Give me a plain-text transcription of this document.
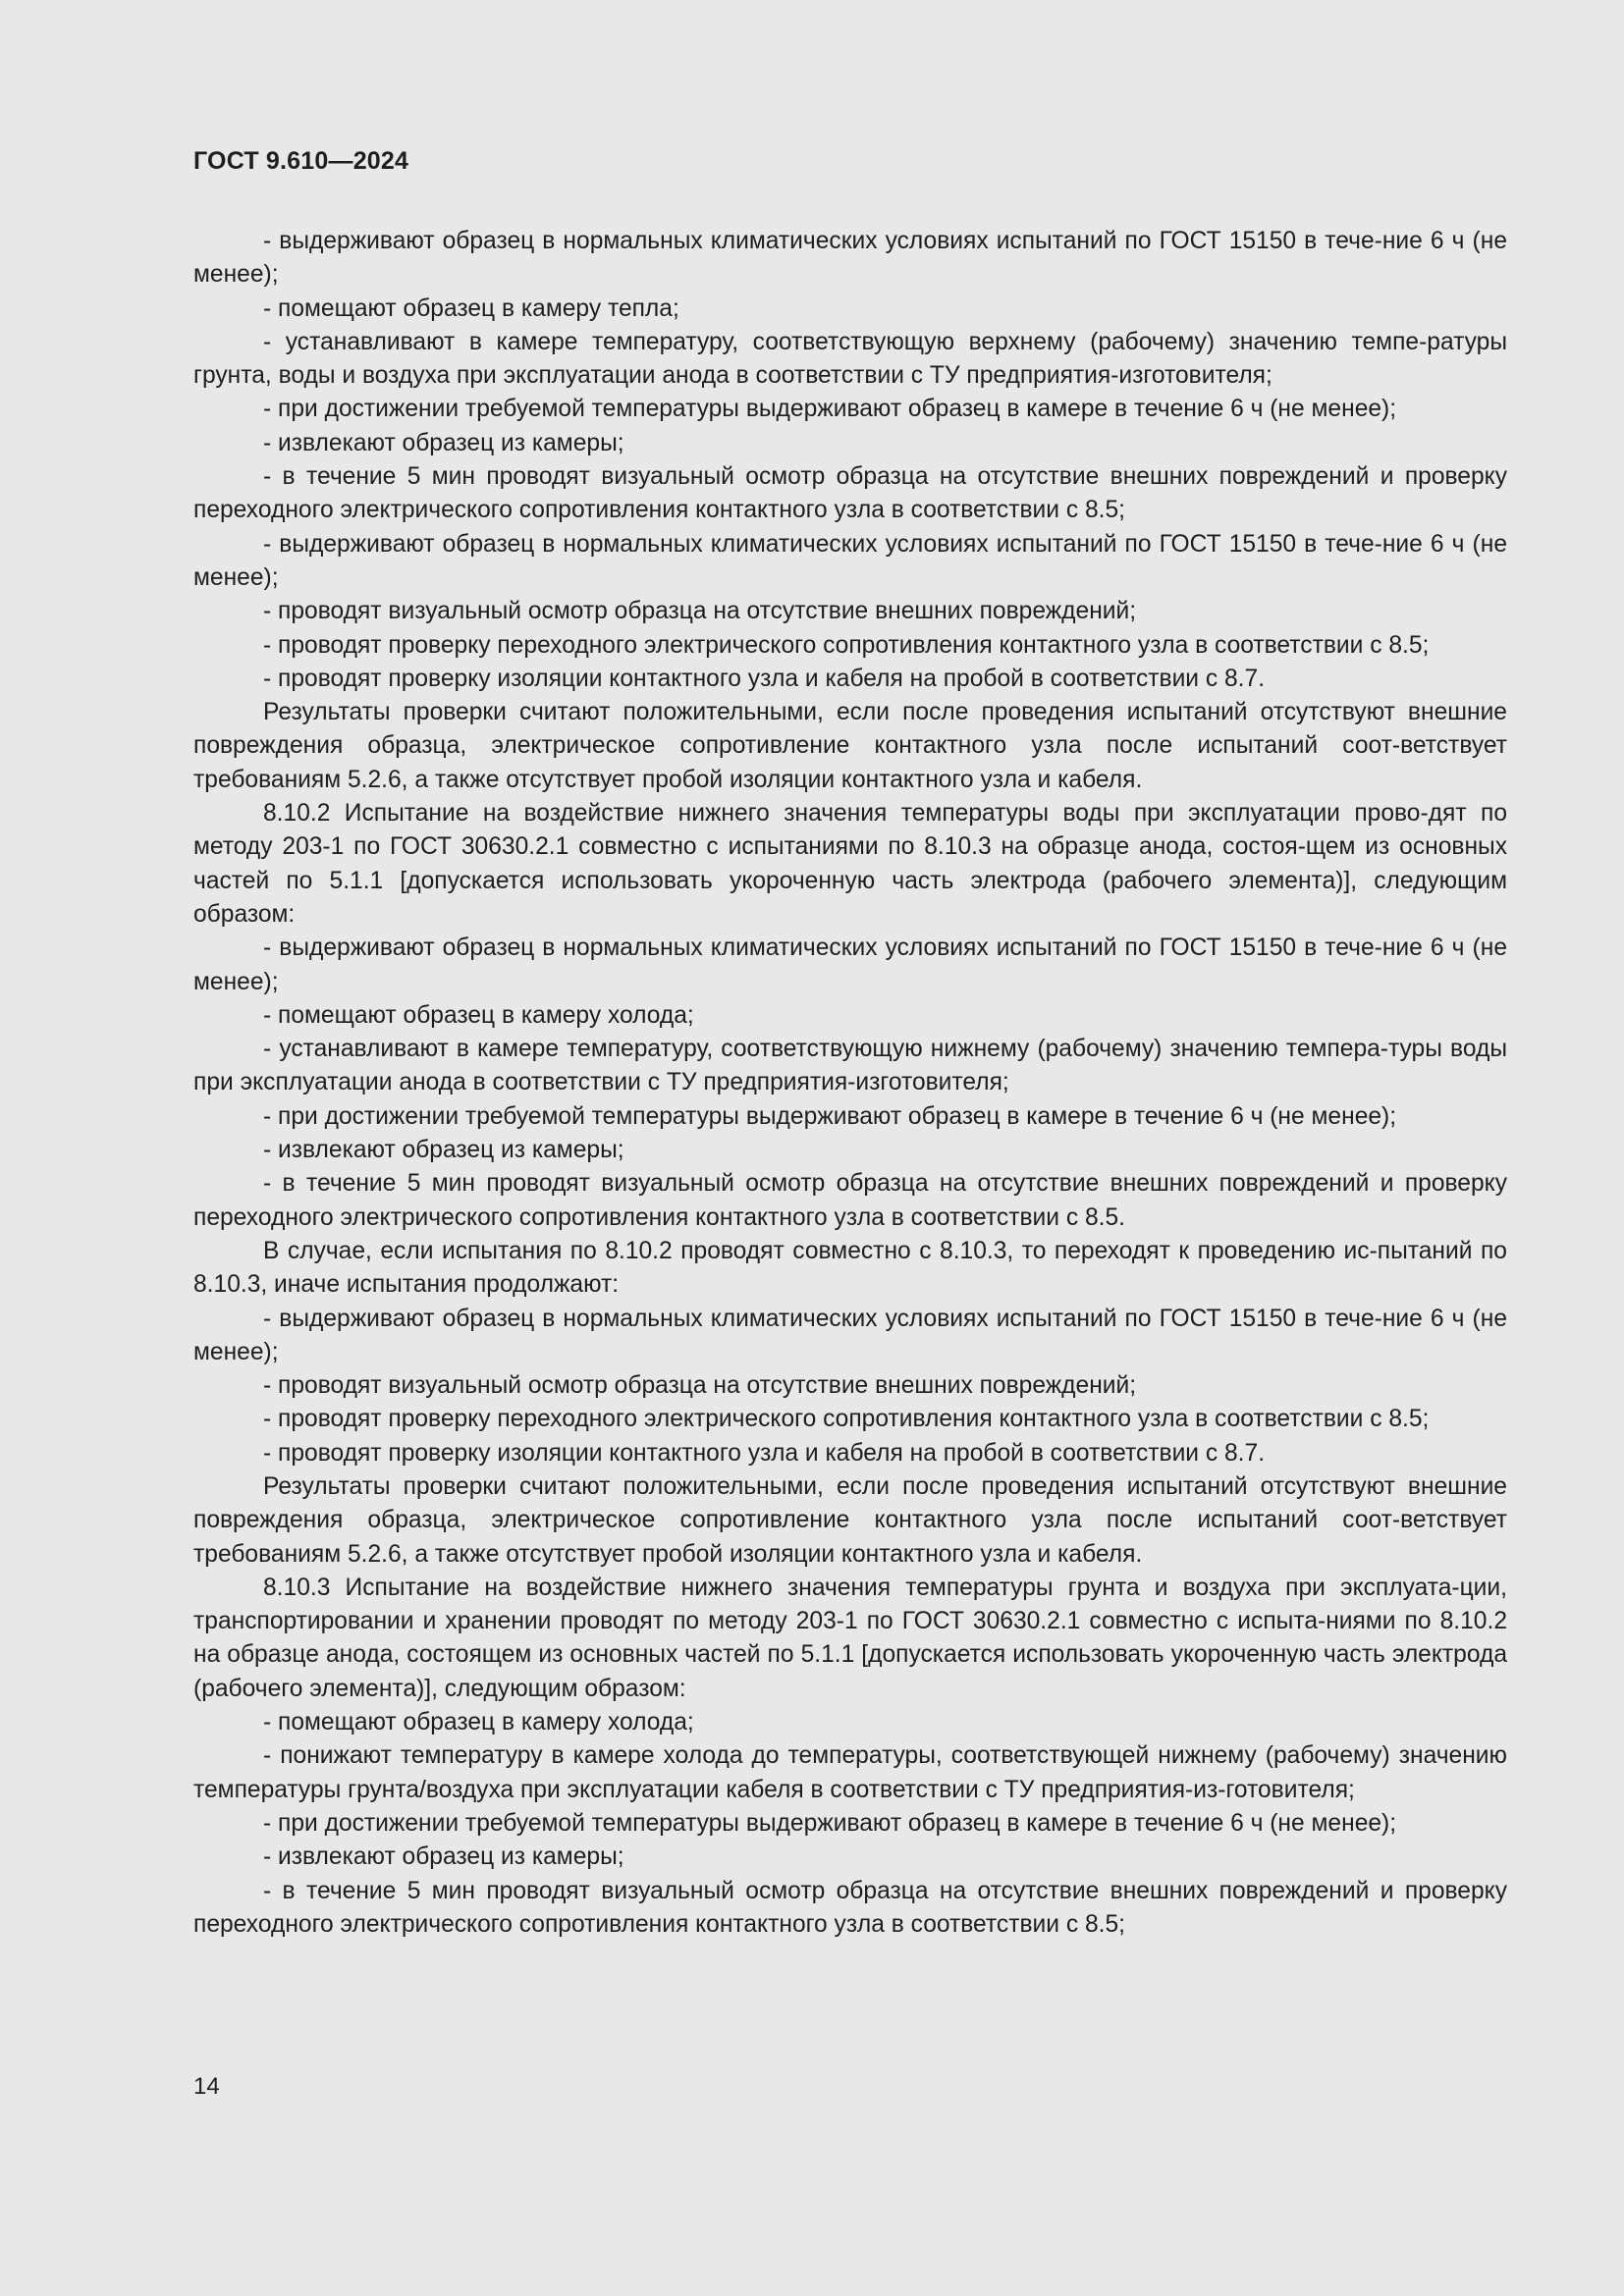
ГОСТ 9.610—2024

- выдерживают образец в нормальных климатических условиях испытаний по ГОСТ 15150 в тече-ние 6 ч (не менее);

- помещают образец в камеру тепла;

- устанавливают в камере температуру, соответствующую верхнему (рабочему) значению темпе-ратуры грунта, воды и воздуха при эксплуатации анода в соответствии с ТУ предприятия-изготовителя;

- при достижении требуемой температуры выдерживают образец в камере в течение 6 ч (не менее);

- извлекают образец из камеры;

- в течение 5 мин проводят визуальный осмотр образца на отсутствие внешних повреждений и проверку переходного электрического сопротивления контактного узла в соответствии с 8.5;

- выдерживают образец в нормальных климатических условиях испытаний по ГОСТ 15150 в тече-ние 6 ч (не менее);

- проводят визуальный осмотр образца на отсутствие внешних повреждений;

- проводят проверку переходного электрического сопротивления контактного узла в соответствии с 8.5;

- проводят проверку изоляции контактного узла и кабеля на пробой в соответствии с 8.7.

Результаты проверки считают положительными, если после проведения испытаний отсутствуют внешние повреждения образца, электрическое сопротивление контактного узла после испытаний соот-ветствует требованиям 5.2.6, а также отсутствует пробой изоляции контактного узла и кабеля.

8.10.2 Испытание на воздействие нижнего значения температуры воды при эксплуатации прово-дят по методу 203-1 по ГОСТ 30630.2.1 совместно с испытаниями по 8.10.3 на образце анода, состоя-щем из основных частей по 5.1.1 [допускается использовать укороченную часть электрода (рабочего элемента)], следующим образом:

- выдерживают образец в нормальных климатических условиях испытаний по ГОСТ 15150 в тече-ние 6 ч (не менее);

- помещают образец в камеру холода;

- устанавливают в камере температуру, соответствующую нижнему (рабочему) значению темпера-туры воды при эксплуатации анода в соответствии с ТУ предприятия-изготовителя;

- при достижении требуемой температуры выдерживают образец в камере в течение 6 ч (не менее);

- извлекают образец из камеры;

- в течение 5 мин проводят визуальный осмотр образца на отсутствие внешних повреждений и проверку переходного электрического сопротивления контактного узла в соответствии с 8.5.

В случае, если испытания по 8.10.2 проводят совместно с 8.10.3, то переходят к проведению ис-пытаний по 8.10.3, иначе испытания продолжают:

- выдерживают образец в нормальных климатических условиях испытаний по ГОСТ 15150 в тече-ние 6 ч (не менее);

- проводят визуальный осмотр образца на отсутствие внешних повреждений;

- проводят проверку переходного электрического сопротивления контактного узла в соответствии с 8.5;

- проводят проверку изоляции контактного узла и кабеля на пробой в соответствии с 8.7.

Результаты проверки считают положительными, если после проведения испытаний отсутствуют внешние повреждения образца, электрическое сопротивление контактного узла после испытаний соот-ветствует требованиям 5.2.6, а также отсутствует пробой изоляции контактного узла и кабеля.

8.10.3 Испытание на воздействие нижнего значения температуры грунта и воздуха при эксплуата-ции, транспортировании и хранении проводят по методу 203-1 по ГОСТ 30630.2.1 совместно с испыта-ниями по 8.10.2 на образце анода, состоящем из основных частей по 5.1.1 [допускается использовать укороченную часть электрода (рабочего элемента)], следующим образом:

- помещают образец в камеру холода;

- понижают температуру в камере холода до температуры, соответствующей нижнему (рабочему) значению температуры грунта/воздуха при эксплуатации кабеля в соответствии с ТУ предприятия-из-готовителя;

- при достижении требуемой температуры выдерживают образец в камере в течение 6 ч (не менее);

- извлекают образец из камеры;

- в течение 5 мин проводят визуальный осмотр образца на отсутствие внешних повреждений и проверку переходного электрического сопротивления контактного узла в соответствии с 8.5;

14
